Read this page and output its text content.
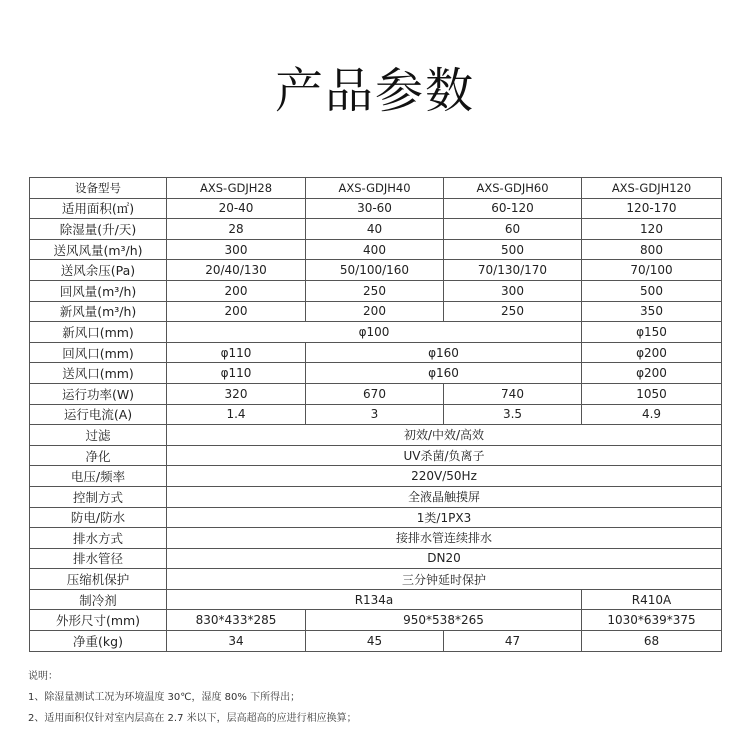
产品参数
设备型号	AXS-GDJH28	AXS-GDJH40	AXS-GDJH60	AXS-GDJH120
适用面积(㎡)	20-40	30-60	60-120	120-170
除湿量(升/天)	28	40	60	120
送风风量(m³/h)	300	400	500	800
送风余压(Pa)	20/40/130	50/100/160	70/130/170	70/100
回风量(m³/h)	200	250	300	500
新风量(m³/h)	200	200	250	350
新风口(mm)	φ100			φ150
回风口(mm)	φ110	φ160		φ200
送风口(mm)	φ110	φ160		φ200
运行功率(W)	320	670	740	1050
运行电流(A)	1.4	3	3.5	4.9
过滤	初效/中效/高效			
净化	UV杀菌/负离子			
电压/频率	220V/50Hz			
控制方式	全液晶触摸屏			
防电/防水	1类/1PX3			
排水方式	接排水管连续排水			
排水管径	DN20			
压缩机保护	三分钟延时保护			
制冷剂	R134a			R410A
外形尺寸(mm)	830*433*285	950*538*265		1030*639*375
净重(kg)	34	45	47	68
说明：
1、除湿量测试工况为环境温度 30℃，湿度 80% 下所得出；
2、适用面积仅针对室内层高在 2.7 米以下，层高超高的应进行相应换算；
